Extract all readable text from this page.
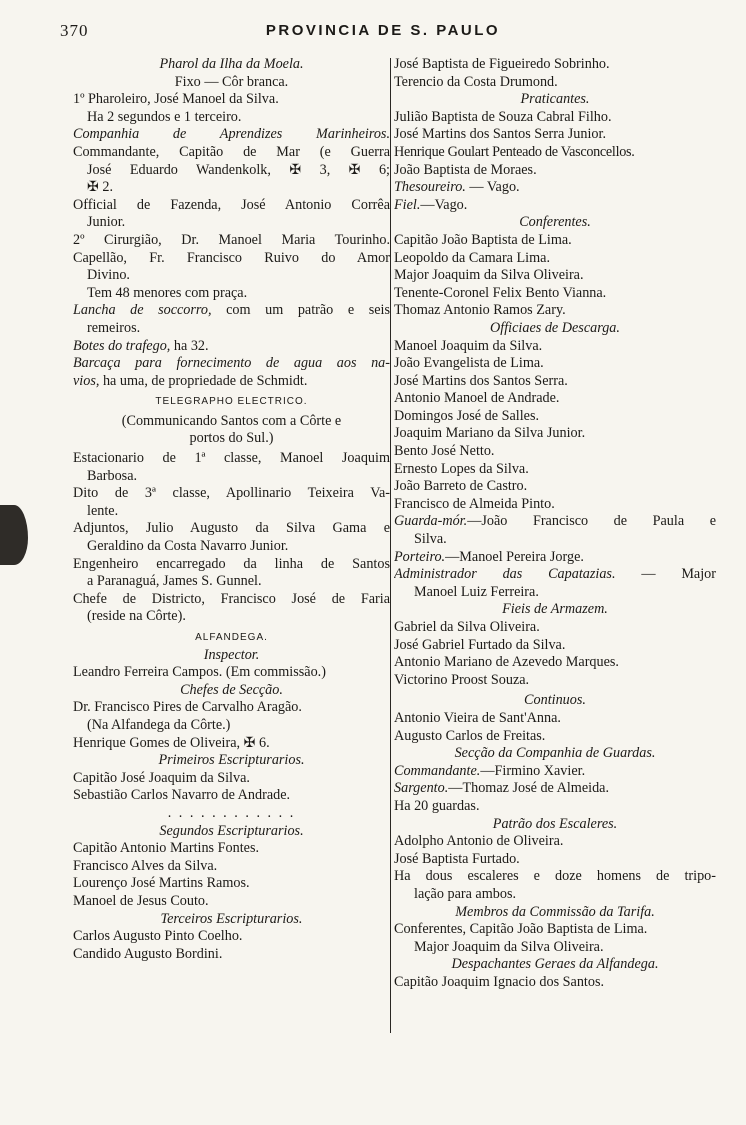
370	PROVINCIA DE S. PAULO
Pharol da Ilha da Moela.
Fixo — Côr branca.
1º Pharoleiro, José Manoel da Silva.
Ha 2 segundos e 1 terceiro.
Companhia de Aprendizes Marinheiros.
Commandante, Capitão de Mar (e Guerra
José Eduardo Wandenkolk, ✠ 3, ✠ 6;
✠ 2.
Official de Fazenda, José Antonio Corrêa
Junior.
2º Cirurgião, Dr. Manoel Maria Tourinho.
Capellão, Fr. Francisco Ruivo do Amor
Divino.
Tem 48 menores com praça.
Lancha de soccorro, com um patrão e seis
remeiros.
Botes do trafego, ha 32.
Barcaça para fornecimento de agua aos na-
vios, ha uma, de propriedade de Schmidt.
TELEGRAPHO ELECTRICO.
(Communicando Santos com a Côrte e
portos do Sul.)
Estacionario de 1ª classe, Manoel Joaquim
Barbosa.
Dito de 3ª classe, Apollinario Teixeira Va-
lente.
Adjuntos, Julio Augusto da Silva Gama e
Geraldino da Costa Navarro Junior.
Engenheiro encarregado da linha de Santos
a Paranaguá, James S. Gunnel.
Chefe de Districto, Francisco José de Faria
(reside na Côrte).
ALFANDEGA.
Inspector.
Leandro Ferreira Campos. (Em commissão.)
Chefes de Secção.
Dr. Francisco Pires de Carvalho Aragão.
(Na Alfandega da Côrte.)
Henrique Gomes de Oliveira, ✠ 6.
Primeiros Escripturarios.
Capitão José Joaquim da Silva.
Sebastião Carlos Navarro de Andrade.
. . . . . . . . . . . .
Segundos Escripturarios.
Capitão Antonio Martins Fontes.
Francisco Alves da Silva.
Lourenço José Martins Ramos.
Manoel de Jesus Couto.
Terceiros Escripturarios.
Carlos Augusto Pinto Coelho.
Candido Augusto Bordini.
José Baptista de Figueiredo Sobrinho.
Terencio da Costa Drumond.
Praticantes.
Julião Baptista de Souza Cabral Filho.
José Martins dos Santos Serra Junior.
Henrique Goulart Penteado de Vasconcellos.
João Baptista de Moraes.
Thesoureiro. — Vago.
Fiel.—Vago.
Conferentes.
Capitão João Baptista de Lima.
Leopoldo da Camara Lima.
Major Joaquim da Silva Oliveira.
Tenente-Coronel Felix Bento Vianna.
Thomaz Antonio Ramos Zary.
Officiaes de Descarga.
Manoel Joaquim da Silva.
João Evangelista de Lima.
José Martins dos Santos Serra.
Antonio Manoel de Andrade.
Domingos José de Salles.
Joaquim Mariano da Silva Junior.
Bento José Netto.
Ernesto Lopes da Silva.
João Barreto de Castro.
Francisco de Almeida Pinto.
Guarda-mór.—João Francisco de Paula e
Silva.
Porteiro.—Manoel Pereira Jorge.
Administrador das Capatazias. — Major
Manoel Luiz Ferreira.
Fieis de Armazem.
Gabriel da Silva Oliveira.
José Gabriel Furtado da Silva.
Antonio Mariano de Azevedo Marques.
Victorino Proost Souza.
Continuos.
Antonio Vieira de Sant'Anna.
Augusto Carlos de Freitas.
Secção da Companhia de Guardas.
Commandante.—Firmino Xavier.
Sargento.—Thomaz José de Almeida.
Ha 20 guardas.
Patrão dos Escaleres.
Adolpho Antonio de Oliveira.
José Baptista Furtado.
Ha dous escaleres e doze homens de tripo-
lação para ambos.
Membros da Commissão da Tarifa.
Conferentes, Capitão João Baptista de Lima.
Major Joaquim da Silva Oliveira.
Despachantes Geraes da Alfandega.
Capitão Joaquim Ignacio dos Santos.
